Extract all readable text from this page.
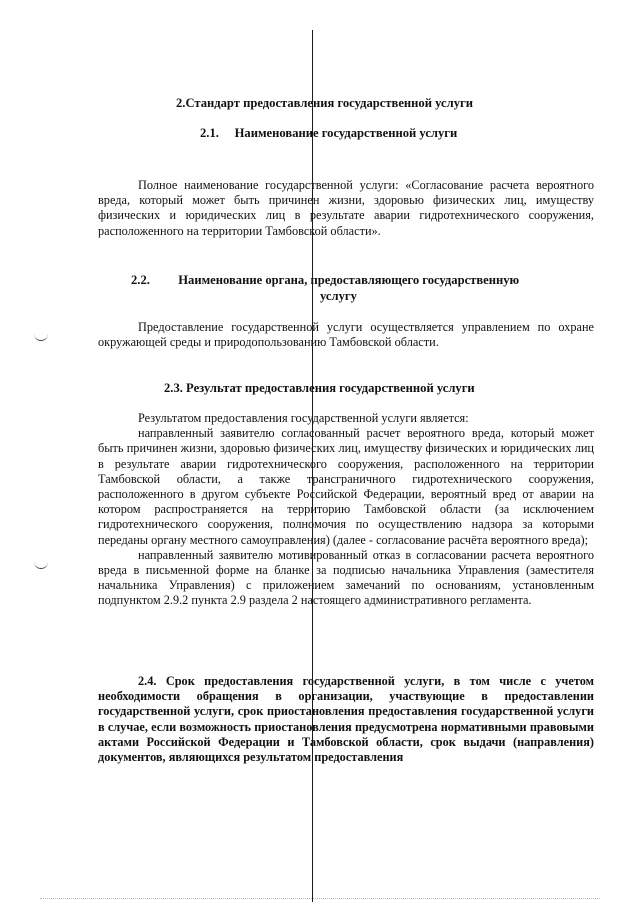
2.Стандарт предоставления государственной услуги
2.1.  Наименование государственной услуги

Полное наименование государственной услуги: «Согласование расчета вероятного вреда, который может быть причинен жизни, здоровью физических лиц, имуществу физических и юридических лиц в результате аварии гидротехнического сооружения, расположенного на территории Тамбовской области».

2.2.   Наименование органа, предоставляющего государственную
услугу

Предоставление государственной услуги осуществляется управлением по охране окружающей среды и природопользованию Тамбовской области.

2.3. Результат предоставления государственной услуги

Результатом предоставления государственной услуги является:

направленный заявителю согласованный расчет вероятного вреда, который может быть причинен жизни, здоровью физических лиц, имуществу физических и юридических лиц в результате аварии гидротехнического сооружения, расположенного на территории Тамбовской области, а также трансграничного гидротехнического сооружения, расположенного в другом субъекте Российской Федерации, вероятный вред от аварии на котором распространяется на территорию Тамбовской области (за исключением гидротехнического сооружения, полномочия по осуществлению надзора за которыми переданы органу местного самоуправления) (далее - согласование расчёта вероятного вреда);

направленный заявителю мотивированный отказ в согласовании расчета вероятного вреда в письменной форме на бланке за подписью начальника Управления (заместителя начальника Управления) с приложением замечаний по основаниям, установленным подпунктом 2.9.2 пункта 2.9 раздела 2 настоящего административного регламента.

2.4. Срок предоставления государственной услуги, в том числе с учетом необходимости обращения в организации, участвующие в предоставлении государственной услуги, срок приостановления предоставления государственной услуги в случае, если возможность приостановления предусмотрена нормативными правовыми актами Российской Федерации и Тамбовской области, срок выдачи (направления) документов, являющихся результатом предоставления
